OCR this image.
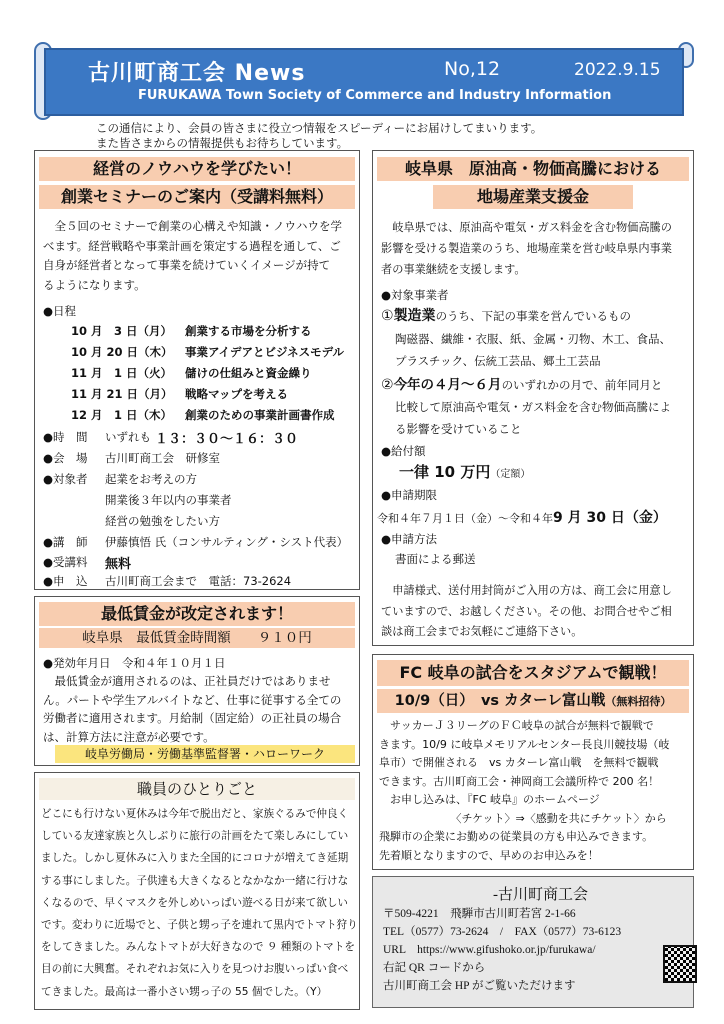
古川町商工会 News	No,12	2022.9.15
FURUKAWA Town Society of Commerce and Industry Information
この通信により、会員の皆さまに役立つ情報をスピーディーにお届けしてまいります。
また皆さまからの情報提供もお待ちしています。
経営のノウハウを学びたい！
創業セミナーのご案内（受講料無料）
　全５回のセミナーで創業の心構えや知識・ノウハウを学
べます。経営戦略や事業計画を策定する過程を通して、ご
自身が経営者となって事業を続けていくイメージが持て
るようになります。
●日程
10 月　3 日（月） 創業する市場を分析する
10 月 20 日（木） 事業アイデアとビジネスモデル
11 月　1 日（火） 儲けの仕組みと資金繰り
11 月 21 日（月） 戦略マップを考える
12 月　1 日（木） 創業のための事業計画書作成
●時　間 いずれも １３：３０～１６：３０
●会　場 古川町商工会　研修室
●対象者 起業をお考えの方
開業後３年以内の事業者
経営の勉強をしたい方
●講　師 伊藤慎悟 氏（コンサルティング・シスト代表）
●受講料 無料
●申　込 古川町商工会まで　電話：73-2624
最低賃金が改定されます！
岐阜県　最低賃金時間額　　９１０円
●発効年月日　令和４年１０月１日
　最低賃金が適用されるのは、正社員だけではありませ
ん。パートや学生アルバイトなど、仕事に従事する全ての
労働者に適用されます。月給制（固定給）の正社員の場合
は、計算方法に注意が必要です。
岐阜労働局・労働基準監督署・ハローワーク
職員のひとりごと
どこにも行けない夏休みは今年で脱出だと、家族ぐるみで仲良く
している友達家族と久しぶりに旅行の計画をたて楽しみにしてい
ました。しかし夏休みに入りまた全国的にコロナが増えてき延期
する事にしました。子供達も大きくなるとなかなか一緒に行けな
くなるので、早くマスクを外しめいっぱい遊べる日が来て欲しい
です。変わりに近場でと、子供と甥っ子を連れて黒内でトマト狩り
をしてきました。みんなトマトが大好きなので ９ 種類のトマトを
目の前に大興奮。それぞれお気に入りを見つけお腹いっぱい食べ
てきました。最高は一番小さい甥っ子の 55 個でした。（Y）
岐阜県　原油高・物価高騰における
地場産業支援金
　岐阜県では、原油高や電気・ガス料金を含む物価高騰の
影響を受ける製造業のうち、地場産業を営む岐阜県内事業
者の事業継続を支援します。
●対象事業者
①製造業のうち、下記の事業を営んでいるもの
陶磁器、繊維・衣服、紙、金属・刃物、木工、食品、
プラスチック、伝統工芸品、郷土工芸品
②今年の４月～６月のいずれかの月で、前年同月と
比較して原油高や電気・ガス料金を含む物価高騰によ
る影響を受けていること
●給付額
一律 10 万円（定額）
●申請期限
令和４年７月１日（金）～令和４年9 月 30 日（金）
●申請方法
書面による郵送
　申請様式、送付用封筒がご入用の方は、商工会に用意し
ていますので、お越しください。その他、お問合せやご相
談は商工会までお気軽にご連絡下さい。
FC 岐阜の試合をスタジアムで観戦！
10/9（日）　vs カターレ富山戦（無料招待）
　サッカーＪ３リーグのＦＣ岐阜の試合が無料で観戦で
きます。10/9 に岐阜メモリアルセンター長良川競技場（岐
阜市）で開催される　vs カターレ富山戦　を無料で観戦
できます。古川町商工会・神岡商工会議所枠で 200 名！
　お申し込みは、『FC 岐阜』のホームページ
　　　　　　　〈チケット〉⇒〈感動を共にチケット〉から
飛騨市の企業にお勤めの従業員の方も申込みできます。
先着順となりますので、早めのお申込みを！
-古川町商工会
〒509-4221　飛騨市古川町若宮 2-1-66
TEL（0577）73-2624　/　FAX（0577）73-6123
URL　https://www.gifushoko.or.jp/furukawa/
右記 QR コードから
古川町商工会 HP がご覧いただけます
